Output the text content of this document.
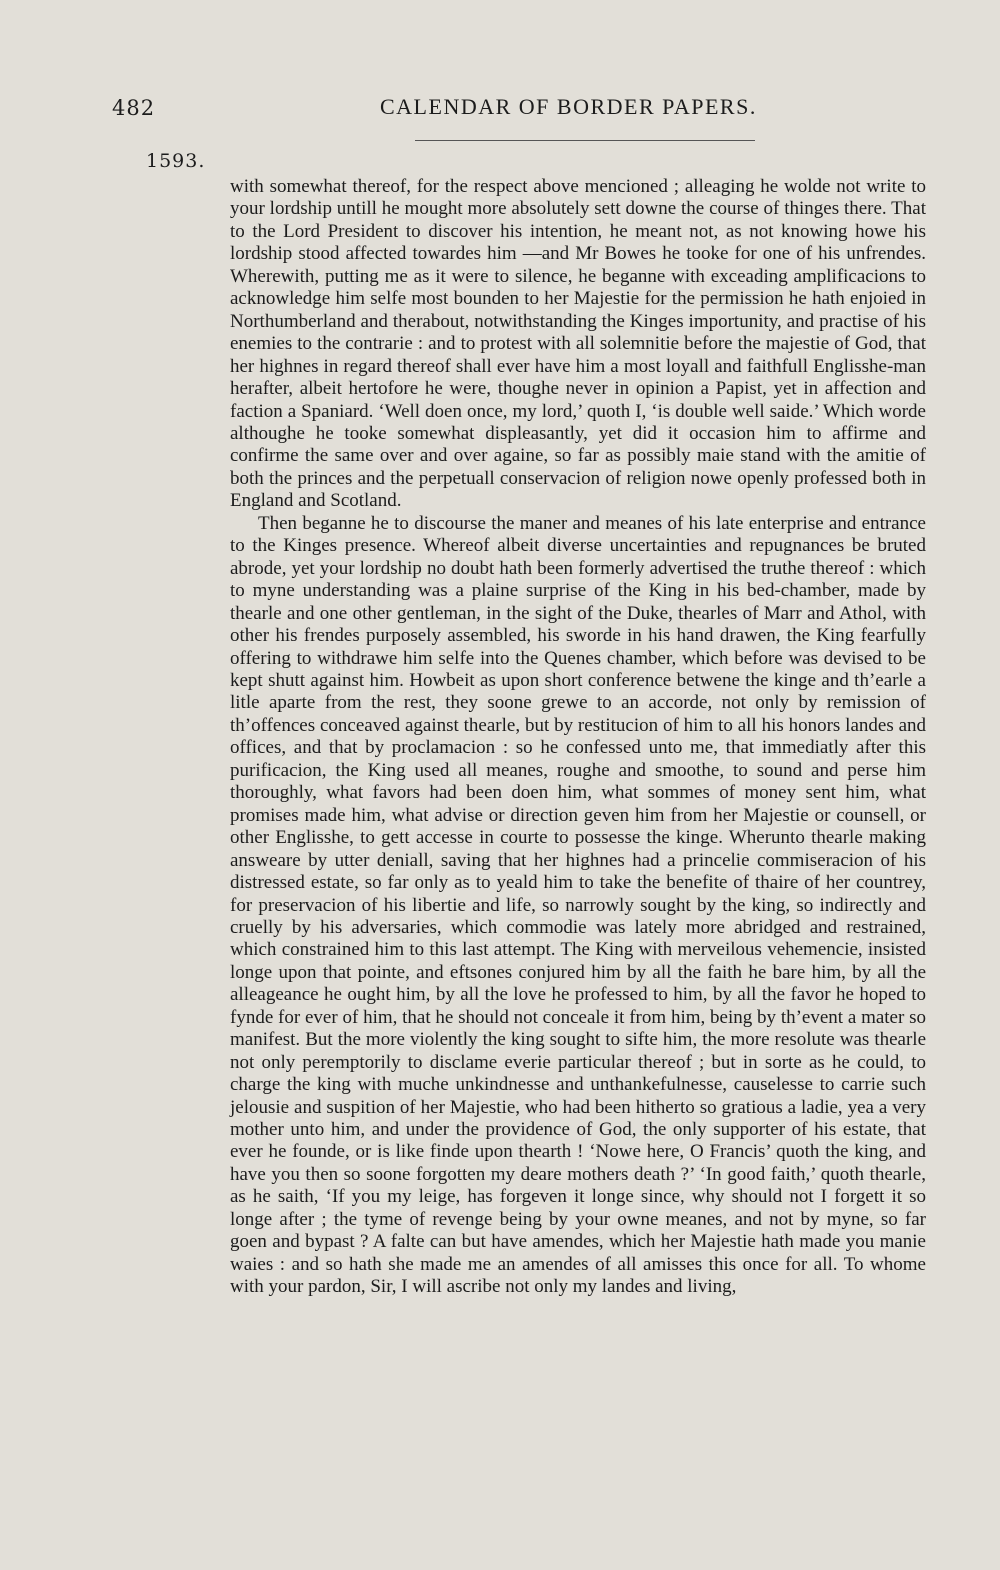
482	CALENDAR OF BORDER PAPERS.
1593.

with somewhat thereof, for the respect above mencioned ; alleaging he wolde not write to your lordship untill he mought more absolutely sett downe the course of thinges there. That to the Lord President to discover his intention, he meant not, as not knowing howe his lordship stood affected towardes him —and Mr Bowes he tooke for one of his unfrendes. Wherewith, putting me as it were to silence, he beganne with exceading amplificacions to acknowledge him selfe most bounden to her Majestie for the permission he hath enjoied in Northumberland and therabout, notwithstanding the Kinges importunity, and practise of his enemies to the contrarie : and to protest with all solemnitie before the majestie of God, that her highnes in regard thereof shall ever have him a most loyall and faithfull Englisshe-man herafter, albeit hertofore he were, thoughe never in opinion a Papist, yet in affection and faction a Spaniard. ‘Well doen once, my lord,’ quoth I, ‘is double well saide.’ Which worde althoughe he tooke somewhat displeasantly, yet did it occasion him to affirme and confirme the same over and over againe, so far as possibly maie stand with the amitie of both the princes and the perpetuall conservacion of religion nowe openly professed both in England and Scotland.

Then beganne he to discourse the maner and meanes of his late enterprise and entrance to the Kinges presence. Whereof albeit diverse uncertainties and repugnances be bruted abrode, yet your lordship no doubt hath been formerly advertised the truthe thereof : which to myne understanding was a plaine surprise of the King in his bed-chamber, made by thearle and one other gentleman, in the sight of the Duke, thearles of Marr and Athol, with other his frendes purposely assembled, his sworde in his hand drawen, the King fearfully offering to withdrawe him selfe into the Quenes chamber, which before was devised to be kept shutt against him. Howbeit as upon short conference betwene the kinge and th’earle a litle aparte from the rest, they soone grewe to an accorde, not only by remission of th’offences conceaved against thearle, but by restitucion of him to all his honors landes and offices, and that by proclamacion : so he confessed unto me, that immediatly after this purificacion, the King used all meanes, roughe and smoothe, to sound and perse him thoroughly, what favors had been doen him, what sommes of money sent him, what promises made him, what advise or direction geven him from her Majestie or counsell, or other Englisshe, to gett accesse in courte to possesse the kinge. Wherunto thearle making answeare by utter deniall, saving that her highnes had a princelie commiseracion of his distressed estate, so far only as to yeald him to take the benefite of thaire of her countrey, for preservacion of his libertie and life, so narrowly sought by the king, so indirectly and cruelly by his adversaries, which commodie was lately more abridged and restrained, which constrained him to this last attempt. The King with merveilous vehemencie, insisted longe upon that pointe, and eftsones conjured him by all the faith he bare him, by all the alleageance he ought him, by all the love he professed to him, by all the favor he hoped to fynde for ever of him, that he should not conceale it from him, being by th’event a mater so manifest. But the more violently the king sought to sifte him, the more resolute was thearle not only peremptorily to disclame everie particular thereof ; but in sorte as he could, to charge the king with muche unkindnesse and unthankefulnesse, causelesse to carrie such jelousie and suspition of her Majestie, who had been hitherto so gratious a ladie, yea a very mother unto him, and under the providence of God, the only supporter of his estate, that ever he founde, or is like finde upon thearth ! ‘Nowe here, O Francis’ quoth the king, and have you then so soone forgotten my deare mothers death ?’ ‘In good faith,’ quoth thearle, as he saith, ‘If you my leige, has forgeven it longe since, why should not I forgett it so longe after ; the tyme of revenge being by your owne meanes, and not by myne, so far goen and bypast ? A falte can but have amendes, which her Majestie hath made you manie waies : and so hath she made me an amendes of all amisses this once for all. To whome with your pardon, Sir, I will ascribe not only my landes and living,
